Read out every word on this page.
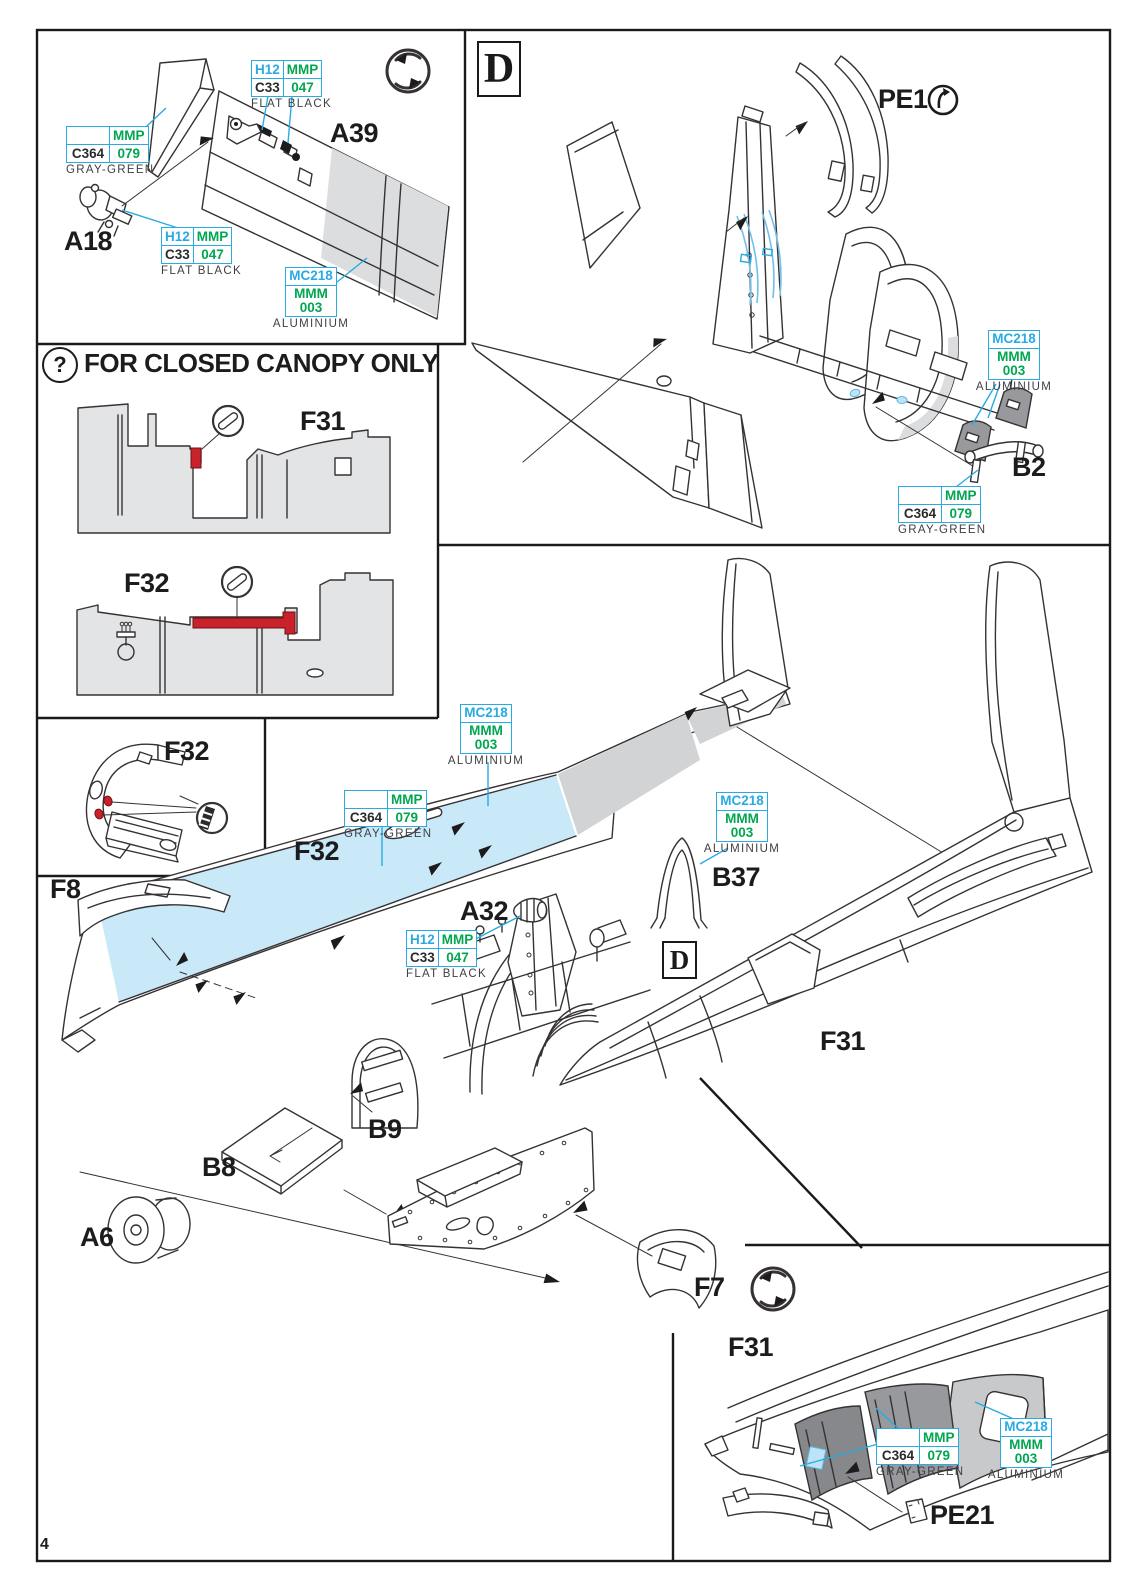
D
D
? FOR CLOSED CANOPY ONLY
A39
A18
PE1
B2
F31
F32
F32
F32
F8
A32
B37
B9
B8
A6
F31
F7
F31
PE21
H12	MMP
C33	047
FLAT BLACK
	MMP
C364	079
GRAY-GREEN
H12	MMP
C33	047
FLAT BLACK	MC218
MMM
003
ALUMINIUM
MC218
MMM
003
ALUMINIUM
	MMP
C364	079
GRAY-GREEN
MC218
MMM
003
ALUMINIUM
	MMP
C364	079
GRAY-GREEN
H12	MMP
C33	047
FLAT BLACK
MC218
MMM
003
ALUMINIUM
	MMP
C364	079
GRAY-GREEN
MC218
MMM
003
ALUMINIUM
4
